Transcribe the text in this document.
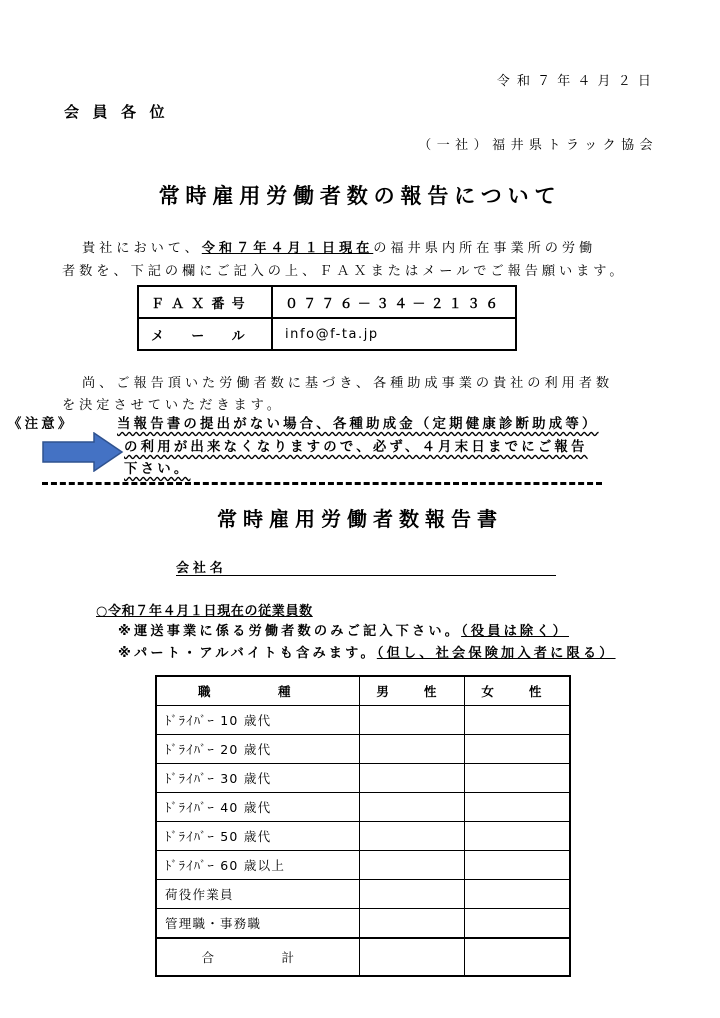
令和７年４月２日
会員各位
（一社）福井県トラック協会
常時雇用労働者数の報告について
貴社において、令和７年４月１日現在の福井県内所在事業所の労働
者数を、下記の欄にご記入の上、ＦＡＸまたはメールでご報告願います。
ＦＡＸ番号	０７７６－３４－２１３６
メ　ー　ル	info@f-ta.jp
尚、ご報告頂いた労働者数に基づき、各種助成事業の貴社の利用者数
を決定させていただきます。
《注意》	当報告書の提出がない場合、各種助成金（定期健康診断助成等）
の利用が出来なくなりますので、必ず、４月末日までにご報告
下さい。
常時雇用労働者数報告書
会社名
○令和７年４月１日現在の従業員数
※運送事業に係る労働者数のみご記入下さい。（役員は除く）
※パート・アルバイトも含みます。（但し、社会保険加入者に限る）
職　種	男　性	女　性
ﾄﾞﾗｲﾊﾞｰ 10 歳代		
ﾄﾞﾗｲﾊﾞｰ 20 歳代		
ﾄﾞﾗｲﾊﾞｰ 30 歳代		
ﾄﾞﾗｲﾊﾞｰ 40 歳代		
ﾄﾞﾗｲﾊﾞｰ 50 歳代		
ﾄﾞﾗｲﾊﾞｰ 60 歳以上		
荷役作業員		
管理職・事務職		
合　計		
